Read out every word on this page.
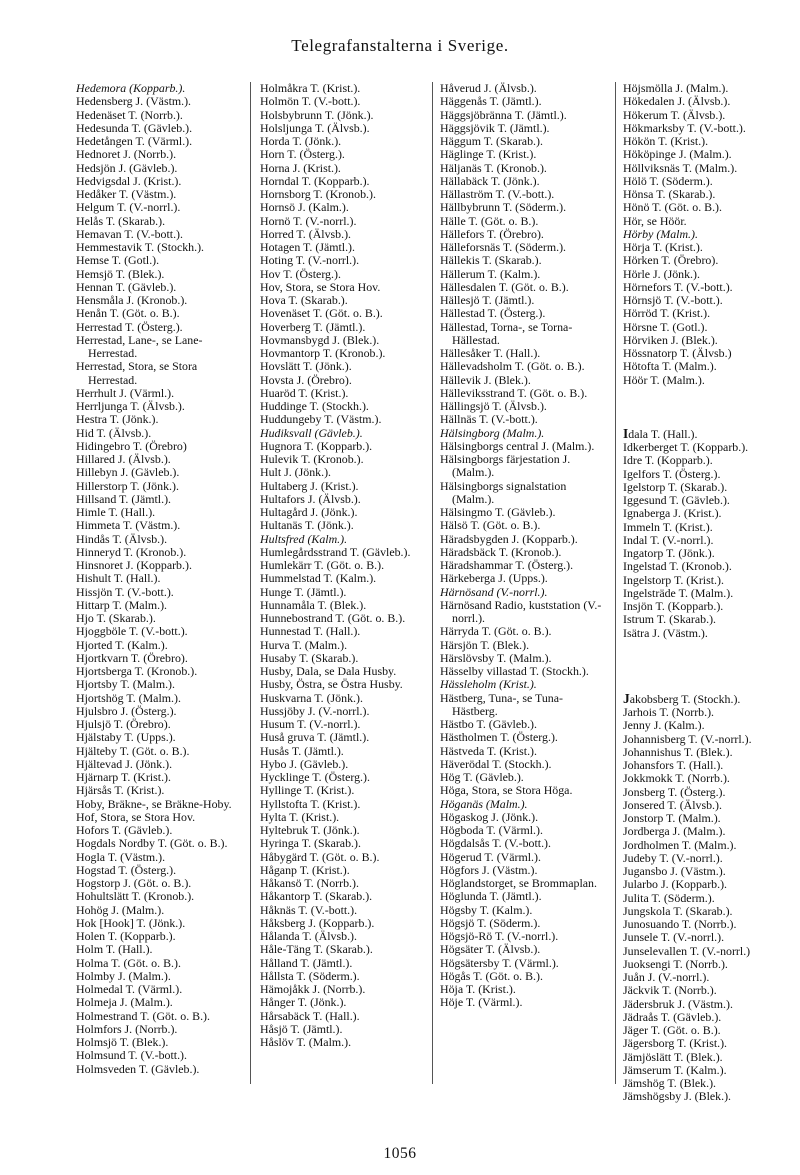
Telegrafanstalterna i Sverige.
Hedemora (Kopparb.).
Hedensberg J. (Västm.).
Hedenäset T. (Norrb.).
Hedesunda T. (Gävleb.).
Hedetången T. (Värml.).
Hednoret J. (Norrb.).
Hedsjön J. (Gävleb.).
Hedvigsdal J. (Krist.).
Hedåker T. (Västm.).
Helgum T. (V.-norrl.).
Helås T. (Skarab.).
Hemavan T. (V.-bott.).
Hemmestavik T. (Stockh.).
Hemse T. (Gotl.).
Hemsjö T. (Blek.).
Hennan T. (Gävleb.).
Hensmåla J. (Kronob.).
Henån T. (Göt. o. B.).
Herrestad T. (Österg.).
Herrestad, Lane-, se Lane-Herrestad.
Herrestad, Stora, se Stora Herrestad.
Herrhult J. (Värml.).
Herrljunga T. (Älvsb.).
Hestra T. (Jönk.).
Hid T. (Älvsb.).
Hidingebro T. (Örebro)
Hillared J. (Älvsb.).
Hillebyn J. (Gävleb.).
Hillerstorp T. (Jönk.).
Hillsand T. (Jämtl.).
Himle T. (Hall.).
Himmeta T. (Västm.).
Hindås T. (Älvsb.).
Hinneryd T. (Kronob.).
Hinsnoret J. (Kopparb.).
Hishult T. (Hall.).
Hissjön T. (V.-bott.).
Hittarp T. (Malm.).
Hjo T. (Skarab.).
Hjoggböle T. (V.-bott.).
Hjorted T. (Kalm.).
Hjortkvarn T. (Örebro).
Hjortsberga T. (Kronob.).
Hjortsby T. (Malm.).
Hjortshög T. (Malm.).
Hjulsbro J. (Österg.).
Hjulsjö T. (Örebro).
Hjälstaby T. (Upps.).
Hjälteby T. (Göt. o. B.).
Hjältevad J. (Jönk.).
Hjärnarp T. (Krist.).
Hjärsås T. (Krist.).
Hoby, Bräkne-, se Bräkne-Hoby.
Hof, Stora, se Stora Hov.
Hofors T. (Gävleb.).
Hogdals Nordby T. (Göt. o. B.).
Hogla T. (Västm.).
Hogstad T. (Österg.).
Hogstorp J. (Göt. o. B.).
Hohultslätt T. (Kronob.).
Hohög J. (Malm.).
Hok [Hook] T. (Jönk.).
Holen T. (Kopparb.).
Holm T. (Hall.).
Holma T. (Göt. o. B.).
Holmby J. (Malm.).
Holmedal T. (Värml.).
Holmeja J. (Malm.).
Holmestrand T. (Göt. o. B.).
Holmfors J. (Norrb.).
Holmsjö T. (Blek.).
Holmsund T. (V.-bott.).
Holmsveden T. (Gävleb.).
Holmåkra T. (Krist.).
Holmön T. (V.-bott.).
Holsbybrunn T. (Jönk.).
Holsljunga T. (Älvsb.).
Horda T. (Jönk.).
Horn T. (Österg.).
Horna J. (Krist.).
Horndal T. (Kopparb.).
Hornsborg T. (Kronob.).
Hornsö J. (Kalm.).
Hornö T. (V.-norrl.).
Horred T. (Älvsb.).
Hotagen T. (Jämtl.).
Hoting T. (V.-norrl.).
Hov T. (Österg.).
Hov, Stora, se Stora Hov.
Hova T. (Skarab.).
Hovenäset T. (Göt. o. B.).
Hoverberg T. (Jämtl.).
Hovmansbygd J. (Blek.).
Hovmantorp T. (Kronob.).
Hovslätt T. (Jönk.).
Hovsta J. (Örebro).
Huaröd T. (Krist.).
Huddinge T. (Stockh.).
Huddungeby T. (Västm.).
Hudiksvall (Gävleb.).
Hugnora T. (Kopparb.).
Hulevik T. (Kronob.).
Hult J. (Jönk.).
Hultaberg J. (Krist.).
Hultafors J. (Älvsb.).
Hultagård J. (Jönk.).
Hultanäs T. (Jönk.).
Hultsfred (Kalm.).
Humlegårdsstrand T. (Gävleb.).
Humlekärr T. (Göt. o. B.).
Hummelstad T. (Kalm.).
Hunge T. (Jämtl.).
Hunnamåla T. (Blek.).
Hunnebostrand T. (Göt. o. B.).
Hunnestad T. (Hall.).
Hurva T. (Malm.).
Husaby T. (Skarab.).
Husby, Dala, se Dala Husby.
Husby, Östra, se Östra Husby.
Huskvarna T. (Jönk.).
Hussjöby J. (V.-norrl.).
Husum T. (V.-norrl.).
Huså gruva T. (Jämtl.).
Husås T. (Jämtl.).
Hybo J. (Gävleb.).
Hycklinge T. (Österg.).
Hyllinge T. (Krist.).
Hyllstofta T. (Krist.).
Hylta T. (Krist.).
Hyltebruk T. (Jönk.).
Hyringa T. (Skarab.).
Håbygärd T. (Göt. o. B.).
Håganp T. (Krist.).
Håkansö T. (Norrb.).
Håkantorp T. (Skarab.).
Håknäs T. (V.-bott.).
Håksberg J. (Kopparb.).
Hålanda T. (Älvsb.).
Håle-Täng T. (Skarab.).
Hålland T. (Jämtl.).
Hållsta T. (Söderm.).
Hämojåkk J. (Norrb.).
Hånger T. (Jönk.).
Hårsabäck T. (Hall.).
Håsjö T. (Jämtl.).
Håslöv T. (Malm.).
Håverud J. (Älvsb.).
Häggenås T. (Jämtl.).
Häggsjöbränna T. (Jämtl.).
Häggsjövik T. (Jämtl.).
Häggum T. (Skarab.).
Häglinge T. (Krist.).
Häljanäs T. (Kronob.).
Hällabäck T. (Jönk.).
Hällaström T. (V.-bott.).
Hällbybrunn T. (Söderm.).
Hälle T. (Göt. o. B.).
Hällefors T. (Örebro).
Hälleforsnäs T. (Söderm.).
Hällekis T. (Skarab.).
Hällerum T. (Kalm.).
Hällesdalen T. (Göt. o. B.).
Hällesjö T. (Jämtl.).
Hällestad T. (Österg.).
Hällestad, Torna-, se Torna-Hällestad.
Hällesåker T. (Hall.).
Hällevadsholm T. (Göt. o. B.).
Hällevik J. (Blek.).
Hälleviksstrand T. (Göt. o. B.).
Hällingsjö T. (Älvsb.).
Hällnäs T. (V.-bott.).
Hälsingborg (Malm.).
Hälsingborgs central J. (Malm.).
Hälsingborgs färjestation J. (Malm.).
Hälsingborgs signalstation (Malm.).
Hälsingmo T. (Gävleb.).
Hälsö T. (Göt. o. B.).
Häradsbygden J. (Kopparb.).
Häradsbäck T. (Kronob.).
Häradshammar T. (Österg.).
Härkeberga J. (Upps.).
Härnösand (V.-norrl.).
Härnösand Radio, kuststation (V.-norrl.).
Härryda T. (Göt. o. B.).
Härsjön T. (Blek.).
Härslövsby T. (Malm.).
Hässelby villastad T. (Stockh.).
Hässleholm (Krist.).
Hästberg, Tuna-, se Tuna-Hästberg.
Hästbo T. (Gävleb.).
Hästholmen T. (Österg.).
Hästveda T. (Krist.).
Häverödal T. (Stockh.).
Hög T. (Gävleb.).
Höga, Stora, se Stora Höga.
Höganäs (Malm.).
Högaskog J. (Jönk.).
Högboda T. (Värml.).
Högdalsås T. (V.-bott.).
Högerud T. (Värml.).
Högfors J. (Västm.).
Höglandstorget, se Brommaplan.
Höglunda T. (Jämtl.).
Högsby T. (Kalm.).
Högsjö T. (Söderm.).
Högsjö-Rö T. (V.-norrl.).
Högsäter T. (Älvsb.).
Högsätersby T. (Värml.).
Högås T. (Göt. o. B.).
Höja T. (Krist.).
Höje T. (Värml.).
Höjsmölla J. (Malm.).
Hökedalen J. (Älvsb.).
Hökerum T. (Älvsb.).
Hökmarksby T. (V.-bott.).
Hökön T. (Krist.).
Hököpinge J. (Malm.).
Höllviksnäs T. (Malm.).
Hölö T. (Söderm.).
Hönsa T. (Skarab.).
Hönö T. (Göt. o. B.).
Hör, se Höör.
Hörby (Malm.).
Hörja T. (Krist.).
Hörken T. (Örebro).
Hörle J. (Jönk.).
Hörnefors T. (V.-bott.).
Hörnsjö T. (V.-bott.).
Hörröd T. (Krist.).
Hörsne T. (Gotl.).
Hörviken J. (Blek.).
Hössnatorp T. (Älvsb.)
Hötofta T. (Malm.).
Höör T. (Malm.).
Idala T. (Hall.).
Idkerberget T. (Kopparb.).
Idre T. (Kopparb.).
Igelfors T. (Österg.).
Igelstorp T. (Skarab.).
Iggesund T. (Gävleb.).
Ignaberga J. (Krist.).
Immeln T. (Krist.).
Indal T. (V.-norrl.).
Ingatorp T. (Jönk.).
Ingelstad T. (Kronob.).
Ingelstorp T. (Krist.).
Ingelsträde T. (Malm.).
Insjön T. (Kopparb.).
Istrum T. (Skarab.).
Isätra J. (Västm.).
Jakobsberg T. (Stockh.).
Jarhois T. (Norrb.).
Jenny J. (Kalm.).
Johannisberg T. (V.-norrl.).
Johannishus T. (Blek.).
Johansfors T. (Hall.).
Jokkmokk T. (Norrb.).
Jonsberg T. (Österg.).
Jonsered T. (Älvsb.).
Jonstorp T. (Malm.).
Jordberga J. (Malm.).
Jordholmen T. (Malm.).
Judeby T. (V.-norrl.).
Jugansbo J. (Västm.).
Jularbo J. (Kopparb.).
Julita T. (Söderm.).
Jungskola T. (Skarab.).
Junosuando T. (Norrb.).
Junsele T. (V.-norrl.).
Junselevallen T. (V.-norrl.)
Juoksengi T. (Norrb.).
Juån J. (V.-norrl.).
Jäckvik T. (Norrb.).
Jädersbruk J. (Västm.).
Jädraås T. (Gävleb.).
Jäger T. (Göt. o. B.).
Jägersborg T. (Krist.).
Jämjöslätt T. (Blek.).
Jämserum T. (Kalm.).
Jämshög T. (Blek.).
Jämshögsby J. (Blek.).
1056
